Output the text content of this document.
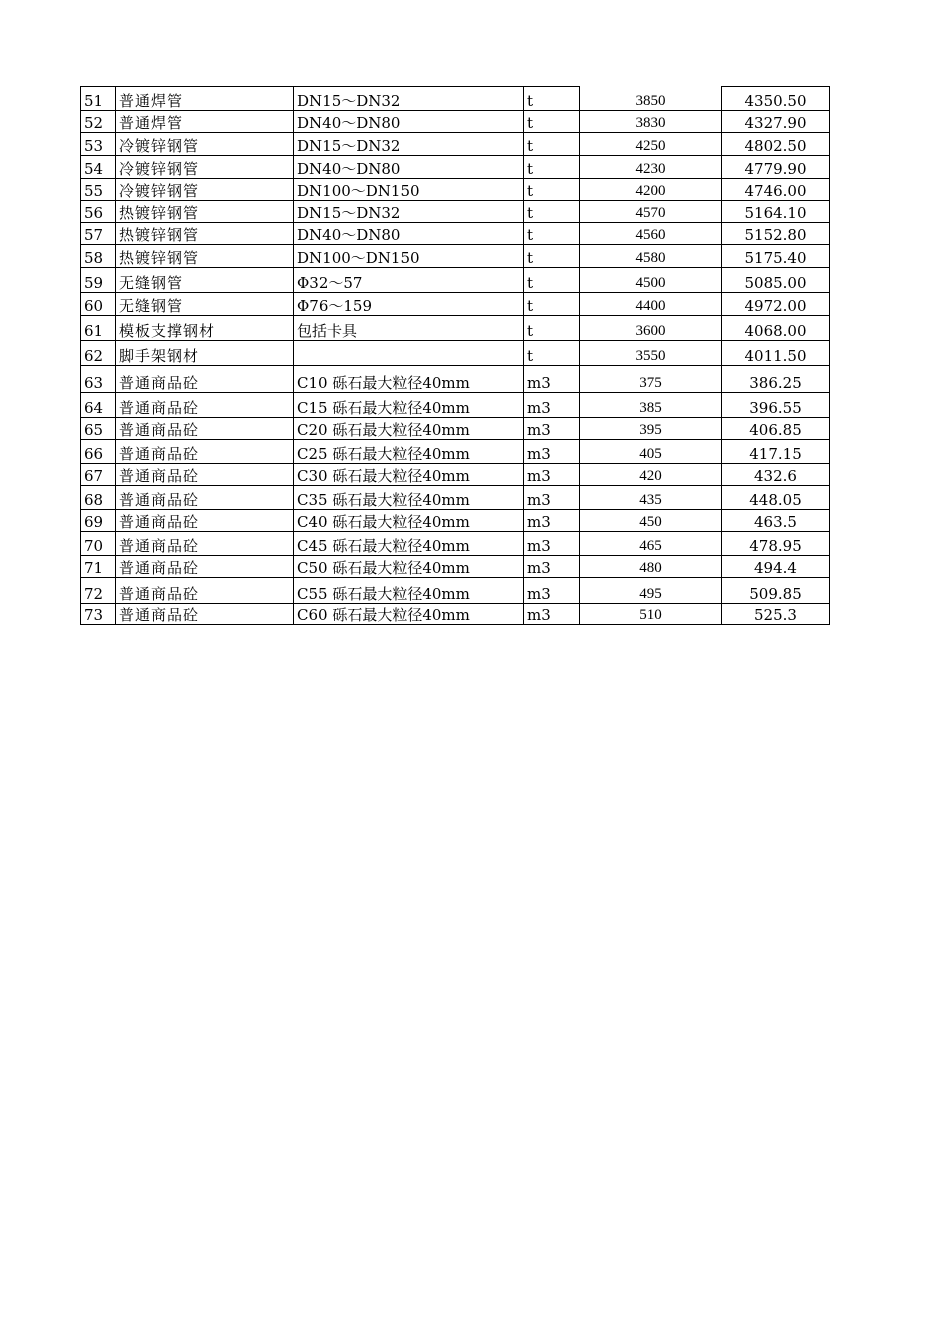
51	普通焊管	DN15～DN32	t	3850	4350.50
52	普通焊管	DN40～DN80	t	3830	4327.90
53	冷镀锌钢管	DN15～DN32	t	4250	4802.50
54	冷镀锌钢管	DN40～DN80	t	4230	4779.90
55	冷镀锌钢管	DN100～DN150	t	4200	4746.00
56	热镀锌钢管	DN15～DN32	t	4570	5164.10
57	热镀锌钢管	DN40～DN80	t	4560	5152.80
58	热镀锌钢管	DN100～DN150	t	4580	5175.40
59	无缝钢管	Φ32～57	t	4500	5085.00
60	无缝钢管	Φ76～159	t	4400	4972.00
61	模板支撑钢材	包括卡具	t	3600	4068.00
62	脚手架钢材		t	3550	4011.50
63	普通商品砼	C10 砾石最大粒径40mm	m3	375	386.25
64	普通商品砼	C15 砾石最大粒径40mm	m3	385	396.55
65	普通商品砼	C20 砾石最大粒径40mm	m3	395	406.85
66	普通商品砼	C25 砾石最大粒径40mm	m3	405	417.15
67	普通商品砼	C30 砾石最大粒径40mm	m3	420	432.6
68	普通商品砼	C35 砾石最大粒径40mm	m3	435	448.05
69	普通商品砼	C40 砾石最大粒径40mm	m3	450	463.5
70	普通商品砼	C45 砾石最大粒径40mm	m3	465	478.95
71	普通商品砼	C50 砾石最大粒径40mm	m3	480	494.4
72	普通商品砼	C55 砾石最大粒径40mm	m3	495	509.85
73	普通商品砼	C60 砾石最大粒径40mm	m3	510	525.3
